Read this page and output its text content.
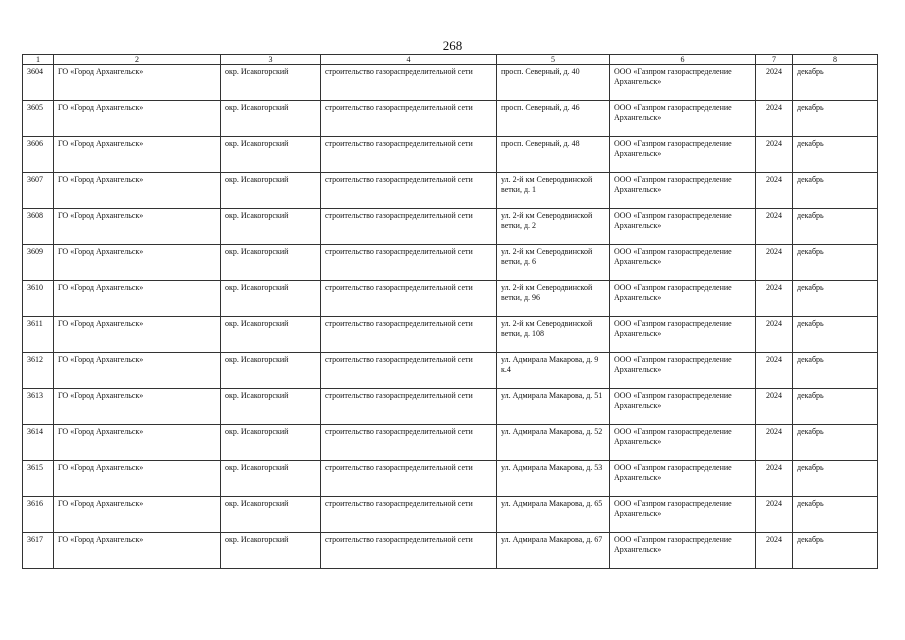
268
1	2	3	4	5	6	7	8
3604	ГО «Город Архангельск»	окр. Исакогорский	строительство газораспределительной сети	просп. Северный, д. 40	ООО «Газпром газораспределение Архангельск»	2024	декабрь
3605	ГО «Город Архангельск»	окр. Исакогорский	строительство газораспределительной сети	просп. Северный, д. 46	ООО «Газпром газораспределение Архангельск»	2024	декабрь
3606	ГО «Город Архангельск»	окр. Исакогорский	строительство газораспределительной сети	просп. Северный, д. 48	ООО «Газпром газораспределение Архангельск»	2024	декабрь
3607	ГО «Город Архангельск»	окр. Исакогорский	строительство газораспределительной сети	ул. 2-й км Северодвинской ветки, д. 1	ООО «Газпром газораспределение Архангельск»	2024	декабрь
3608	ГО «Город Архангельск»	окр. Исакогорский	строительство газораспределительной сети	ул. 2-й км Северодвинской ветки, д. 2	ООО «Газпром газораспределение Архангельск»	2024	декабрь
3609	ГО «Город Архангельск»	окр. Исакогорский	строительство газораспределительной сети	ул. 2-й км Северодвинской ветки, д. 6	ООО «Газпром газораспределение Архангельск»	2024	декабрь
3610	ГО «Город Архангельск»	окр. Исакогорский	строительство газораспределительной сети	ул. 2-й км Северодвинской ветки, д. 96	ООО «Газпром газораспределение Архангельск»	2024	декабрь
3611	ГО «Город Архангельск»	окр. Исакогорский	строительство газораспределительной сети	ул. 2-й км Северодвинской ветки, д. 108	ООО «Газпром газораспределение Архангельск»	2024	декабрь
3612	ГО «Город Архангельск»	окр. Исакогорский	строительство газораспределительной сети	ул. Адмирала Макарова, д. 9 к.4	ООО «Газпром газораспределение Архангельск»	2024	декабрь
3613	ГО «Город Архангельск»	окр. Исакогорский	строительство газораспределительной сети	ул. Адмирала Макарова, д. 51	ООО «Газпром газораспределение Архангельск»	2024	декабрь
3614	ГО «Город Архангельск»	окр. Исакогорский	строительство газораспределительной сети	ул. Адмирала Макарова, д. 52	ООО «Газпром газораспределение Архангельск»	2024	декабрь
3615	ГО «Город Архангельск»	окр. Исакогорский	строительство газораспределительной сети	ул. Адмирала Макарова, д. 53	ООО «Газпром газораспределение Архангельск»	2024	декабрь
3616	ГО «Город Архангельск»	окр. Исакогорский	строительство газораспределительной сети	ул. Адмирала Макарова, д. 65	ООО «Газпром газораспределение Архангельск»	2024	декабрь
3617	ГО «Город Архангельск»	окр. Исакогорский	строительство газораспределительной сети	ул. Адмирала Макарова, д. 67	ООО «Газпром газораспределение Архангельск»	2024	декабрь
